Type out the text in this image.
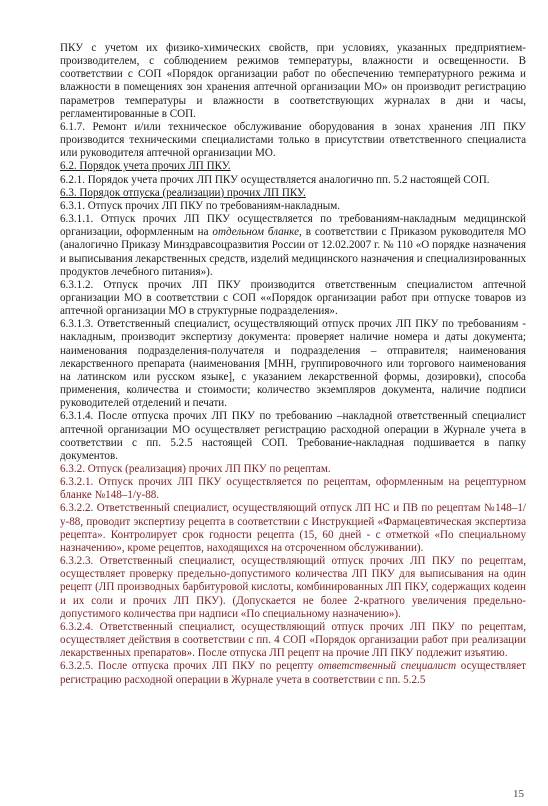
ПКУ с учетом их физико-химических свойств, при условиях, указанных предприятием-производителем, с соблюдением режимов температуры, влажности и освещенности. В соответствии с СОП «Порядок организации работ по обеспечению температурного режима и влажности в помещениях зон хранения аптечной организации МО» он производит регистрацию параметров температуры и влажности в соответствующих журналах в дни и часы, регламентированные в СОП.

6.1.7. Ремонт и/или техническое обслуживание оборудования в зонах хранения ЛП ПКУ производится техническими специалистами только в присутствии ответственного специалиста или руководителя аптечной организации МО.

6.2. Порядок учета прочих ЛП ПКУ.

6.2.1. Порядок учета прочих ЛП ПКУ осуществляется аналогично пп. 5.2 настоящей СОП.

6.3. Порядок отпуска (реализации) прочих ЛП ПКУ.

6.3.1. Отпуск прочих ЛП ПКУ по требованиям-накладным.

6.3.1.1. Отпуск прочих ЛП ПКУ осуществляется по требованиям-накладным медицинской организации, оформленным на отдельном бланке, в соответствии с Приказом руководителя МО (аналогично Приказу Минздравсоцразвития России от 12.02.2007 г. № 110 «О порядке назначения и выписывания лекарственных средств, изделий медицинского назначения и специализированных продуктов лечебного питания»).

6.3.1.2. Отпуск прочих ЛП ПКУ производится ответственным специалистом аптечной организации МО в соответствии с СОП ««Порядок организации работ при отпуске товаров из аптечной организации МО в структурные подразделения».

6.3.1.3. Ответственный специалист, осуществляющий отпуск прочих ЛП ПКУ по требованиям - накладным, производит экспертизу документа: проверяет наличие номера и даты документа; наименования подразделения-получателя и подразделения – отправителя; наименования лекарственного препарата (наименования [МНН, группировочного или торгового наименования на латинском или русском языке], с указанием лекарственной формы, дозировки), способа применения, количества и стоимости; количество экземпляров документа, наличие подписи руководителей отделений и печати.

6.3.1.4. После отпуска прочих ЛП ПКУ по требованию –накладной ответственный специалист аптечной организации МО осуществляет регистрацию расходной операции в Журнале учета в соответствии с пп. 5.2.5 настоящей СОП. Требование-накладная подшивается в папку документов.

6.3.2. Отпуск (реализация) прочих ЛП ПКУ по рецептам.

6.3.2.1. Отпуск прочих ЛП ПКУ осуществляется по рецептам, оформленным на рецептурном бланке №148–1/у-88.

6.3.2.2. Ответственный специалист, осуществляющий отпуск ЛП НС и ПВ по рецептам №148–1/у-88, проводит экспертизу рецепта в соответствии с Инструкцией «Фармацевтическая экспертиза рецепта». Контролирует срок годности рецепта (15, 60 дней - с отметкой «По специальному назначению», кроме рецептов, находящихся на отсроченном обслуживании).

6.3.2.3. Ответственный специалист, осуществляющий отпуск прочих ЛП ПКУ по рецептам, осуществляет проверку предельно-допустимого количества ЛП ПКУ для выписывания на один рецепт (ЛП производных барбитуровой кислоты, комбинированных ЛП ПКУ, содержащих кодеин и их соли и прочих ЛП ПКУ). (Допускается не более 2-кратного увеличения предельно-допустимого количества при надписи «По специальному назначению»).

6.3.2.4. Ответственный специалист, осуществляющий отпуск прочих ЛП ПКУ по рецептам, осуществляет действия в соответствии с пп. 4 СОП «Порядок организации работ при реализации лекарственных препаратов». После отпуска ЛП рецепт на прочие ЛП ПКУ подлежит изъятию.

6.3.2.5. После отпуска прочих ЛП ПКУ по рецепту ответственный специалист осуществляет регистрацию расходной операции в Журнале учета в соответствии с пп. 5.2.5

15
